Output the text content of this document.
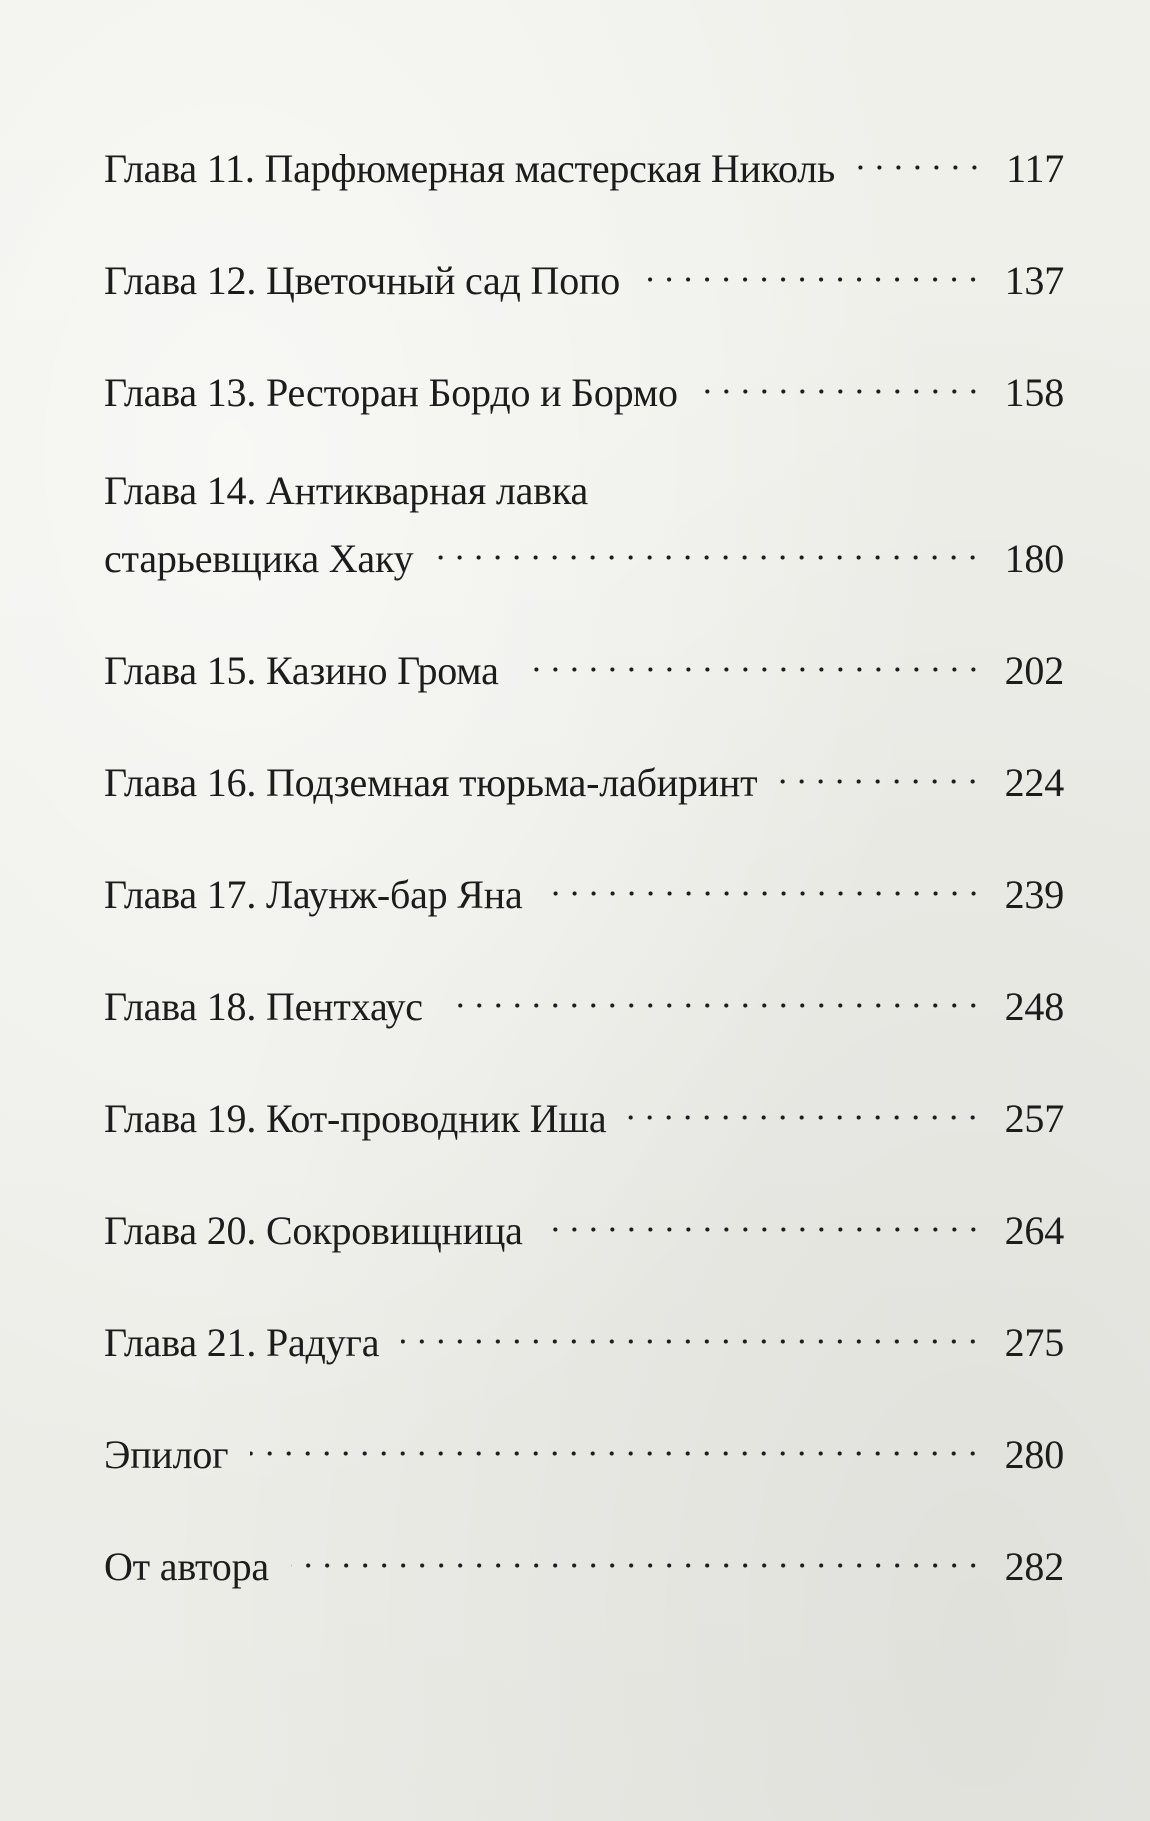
Глава 11. Парфюмерная мастерская Николь	117
Глава 12. Цветочный сад Попо	137
Глава 13. Ресторан Бордо и Бормо	158
Глава 14. Антикварная лавка
старьевщика Хаку	180
Глава 15. Казино Грома	202
Глава 16. Подземная тюрьма-лабиринт	224
Глава 17. Лаунж-бар Яна	239
Глава 18. Пентхаус	248
Глава 19. Кот-проводник Иша	257
Глава 20. Сокровищница	264
Глава 21. Радуга	275
Эпилог	280
От автора	282
